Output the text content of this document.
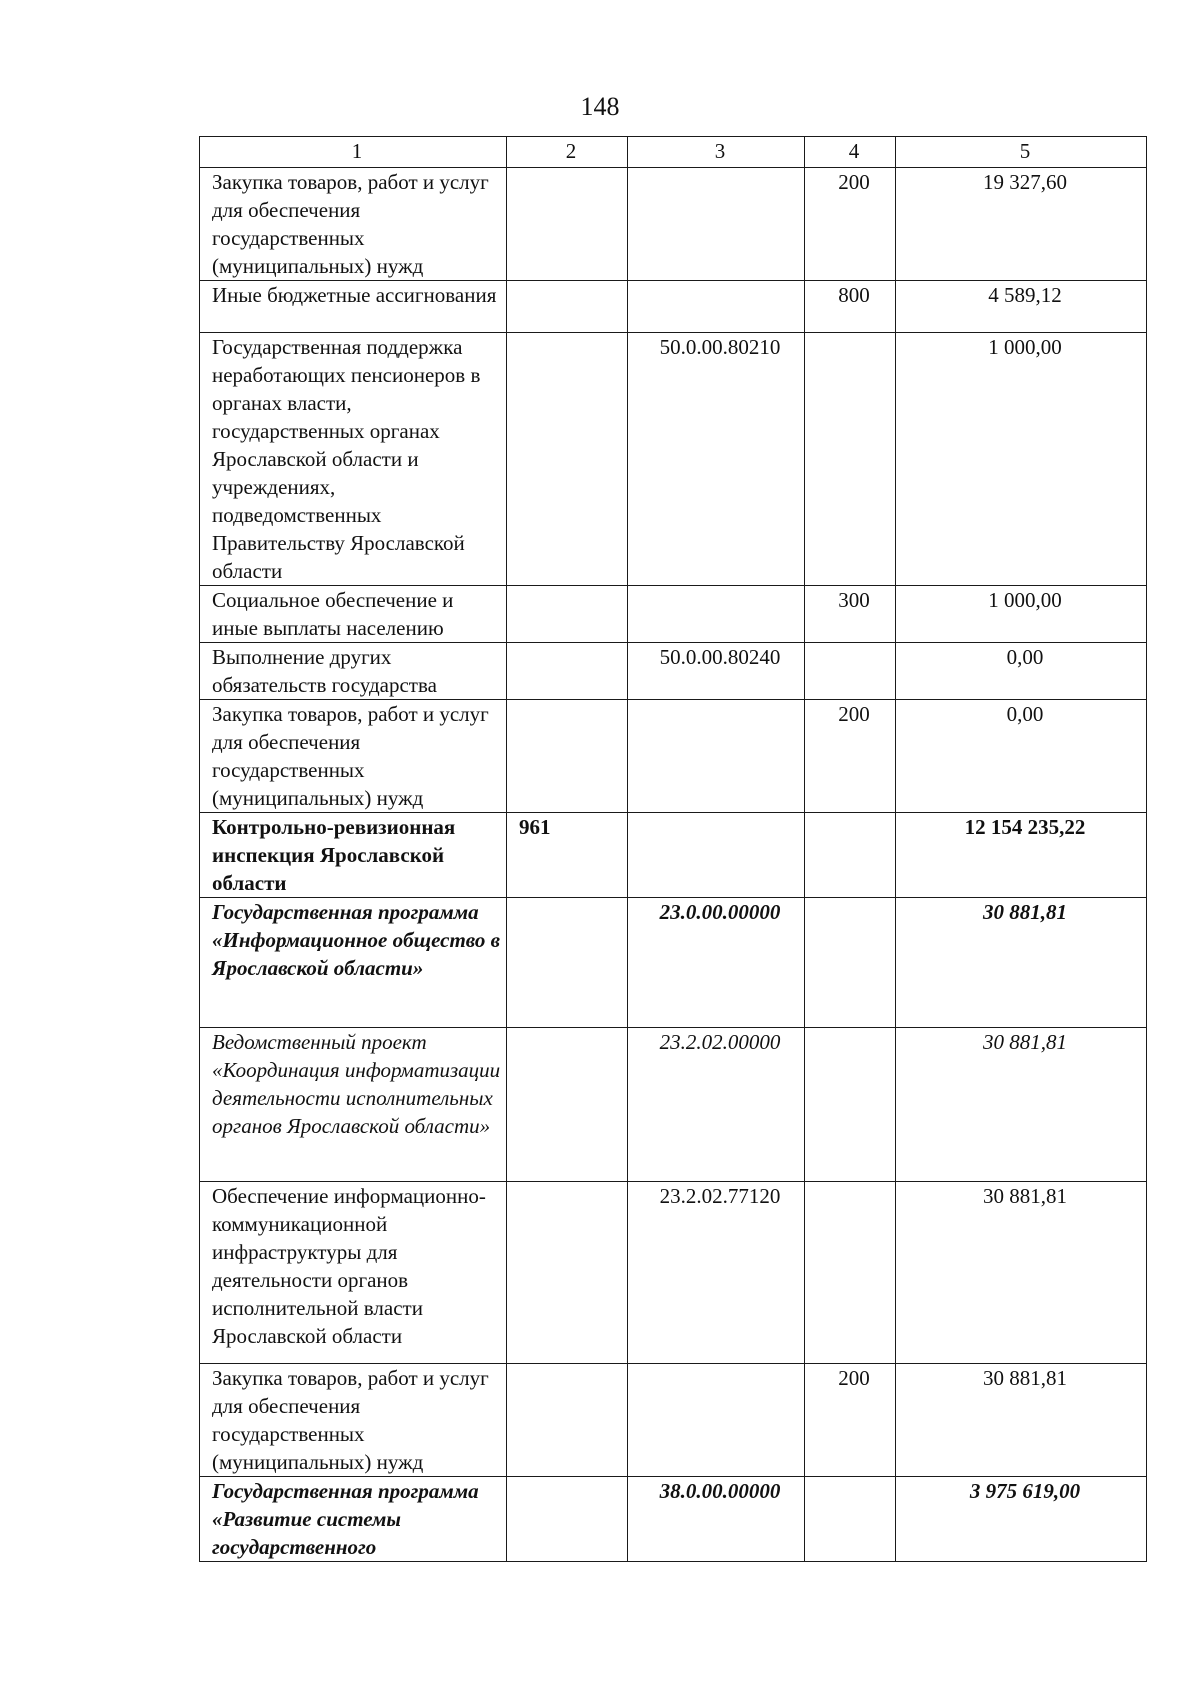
148
1	2	3	4	5
Закупка товаров, работ и услуг для обеспечения государственных (муниципальных) нужд			200	19 327,60
Иные бюджетные ассигнования			800	4 589,12
Государственная поддержка неработающих пенсионеров в органах власти, государственных органах Ярославской области и учреждениях, подведомственных Правительству Ярославской области		50.0.00.80210		1 000,00
Социальное обеспечение и иные выплаты населению			300	1 000,00
Выполнение других обязательств государства		50.0.00.80240		0,00
Закупка товаров, работ и услуг для обеспечения государственных (муниципальных) нужд			200	0,00
Контрольно-ревизионная инспекция Ярославской области	961			12 154 235,22
Государственная программа «Информационное общество в Ярославской области»		23.0.00.00000		30 881,81
Ведомственный проект «Координация информатизации деятельности исполнительных органов Ярославской области»		23.2.02.00000		30 881,81
Обеспечение информационно-коммуникационной инфраструктуры для деятельности органов исполнительной власти Ярославской области		23.2.02.77120		30 881,81
Закупка товаров, работ и услуг для обеспечения государственных (муниципальных) нужд			200	30 881,81
Государственная программа «Развитие системы государственного		38.0.00.00000		3 975 619,00
